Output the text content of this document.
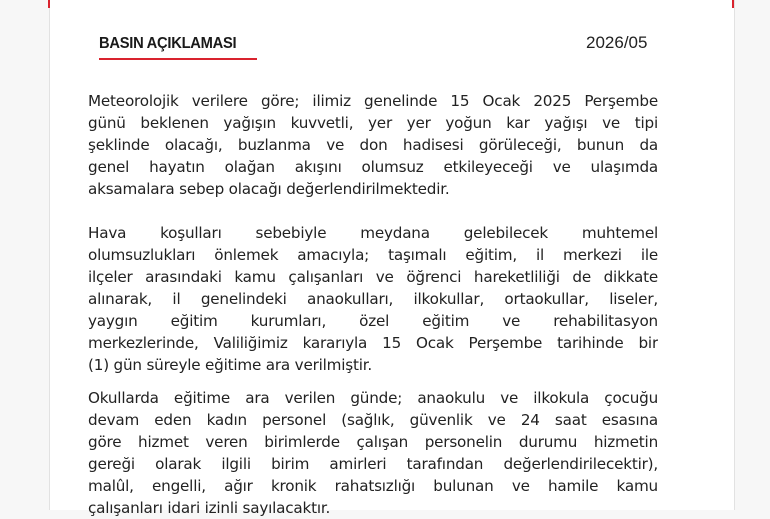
BASIN AÇIKLAMASI	2026/05
Meteorolojik verilere göre; ilimiz genelinde 15 Ocak 2025 Perşembe
günü beklenen yağışın kuvvetli, yer yer yoğun kar yağışı ve tipi
şeklinde olacağı, buzlanma ve don hadisesi görüleceği, bunun da
genel hayatın olağan akışını olumsuz etkileyeceği ve ulaşımda
aksamalara sebep olacağı değerlendirilmektedir.
Hava koşulları sebebiyle meydana gelebilecek muhtemel
olumsuzlukları önlemek amacıyla; taşımalı eğitim, il merkezi ile
ilçeler arasındaki kamu çalışanları ve öğrenci hareketliliği de dikkate
alınarak, il genelindeki anaokulları, ilkokullar, ortaokullar, liseler,
yaygın eğitim kurumları, özel eğitim ve rehabilitasyon
merkezlerinde, Valiliğimiz kararıyla 15 Ocak Perşembe tarihinde bir
(1) gün süreyle eğitime ara verilmiştir.
Okullarda eğitime ara verilen günde; anaokulu ve ilkokula çocuğu
devam eden kadın personel (sağlık, güvenlik ve 24 saat esasına
göre hizmet veren birimlerde çalışan personelin durumu hizmetin
gereği olarak ilgili birim amirleri tarafından değerlendirilecektir),
malûl, engelli, ağır kronik rahatsızlığı bulunan ve hamile kamu
çalışanları idari izinli sayılacaktır.
